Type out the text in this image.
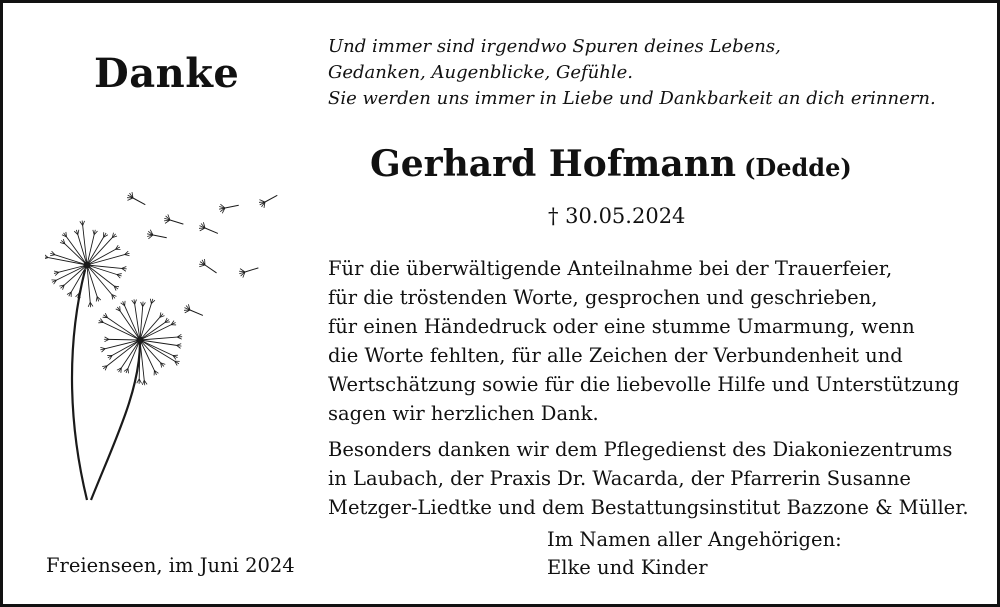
Danke
Und immer sind irgendwo Spuren deines Lebens,
Gedanken, Augenblicke, Gefühle.
Sie werden uns immer in Liebe und Dankbarkeit an dich erinnern.
Gerhard Hofmann (Dedde)
† 30.05.2024
Für die überwältigende Anteilnahme bei der Trauerfeier,
für die tröstenden Worte, gesprochen und geschrieben,
für einen Händedruck oder eine stumme Umarmung, wenn
die Worte fehlten, für alle Zeichen der Verbundenheit und
Wertschätzung sowie für die liebevolle Hilfe und Unterstützung
sagen wir herzlichen Dank.
Besonders danken wir dem Pflegedienst des Diakoniezentrums
in Laubach, der Praxis Dr. Wacarda, der Pfarrerin Susanne
Metzger-Liedtke und dem Bestattungsinstitut Bazzone & Müller.
Freienseen, im Juni 2024
Im Namen aller Angehörigen:
Elke und Kinder
